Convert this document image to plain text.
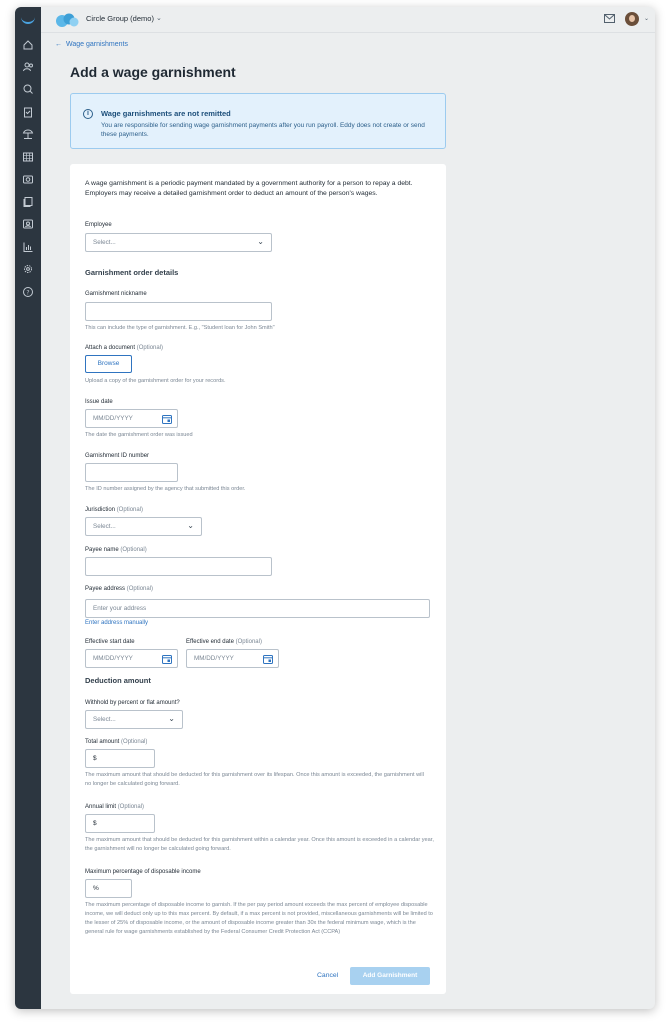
?
Circle Group (demo) ⌄	⌄
← Wage garnishments
Add a wage garnishment
i	Wage garnishments are not remitted
You are responsible for sending wage garnishment payments after you run payroll. Eddy does not create or send these payments.
A wage garnishment is a periodic payment mandated by a government authority for a person to repay a debt. Employers may receive a detailed garnishment order to deduct an amount of the person's wages.
Employee
Select...	⌄
Garnishment order details
Garnishment nickname
This can include the type of garnishment. E.g., "Student loan for John Smith"
Attach a document (Optional)
Browse
Upload a copy of the garnishment order for your records.
Issue date
MM/DD/YYYY
The date the garnishment order was issued
Garnishment ID number
The ID number assigned by the agency that submitted this order.
Jurisdiction (Optional)
Select...	⌄
Payee name (Optional)
Payee address (Optional)
Enter your address
Enter address manually
Effective start date
MM/DD/YYYY
Effective end date (Optional)
MM/DD/YYYY
Deduction amount
Withhold by percent or flat amount?
Select...	⌄
Total amount (Optional)
$
The maximum amount that should be deducted for this garnishment over its lifespan. Once this amount is exceeded, the garnishment will no longer be calculated going forward.
Annual limit (Optional)
$
The maximum amount that should be deducted for this garnishment within a calendar year. Once this amount is exceeded in a calendar year, the garnishment will no longer be calculated going forward.
Maximum percentage of disposable income
%
The maximum percentage of disposable income to garnish. If the per pay period amount exceeds the max percent of employee disposable income, we will deduct only up to this max percent. By default, if a max percent is not provided, miscellaneous garnishments will be limited to the lesser of 25% of disposable income, or the amount of disposable income greater than 30x the federal minimum wage, which is the general rule for wage garnishments established by the Federal Consumer Credit Protection Act (CCPA)
Cancel	Add Garnishment
